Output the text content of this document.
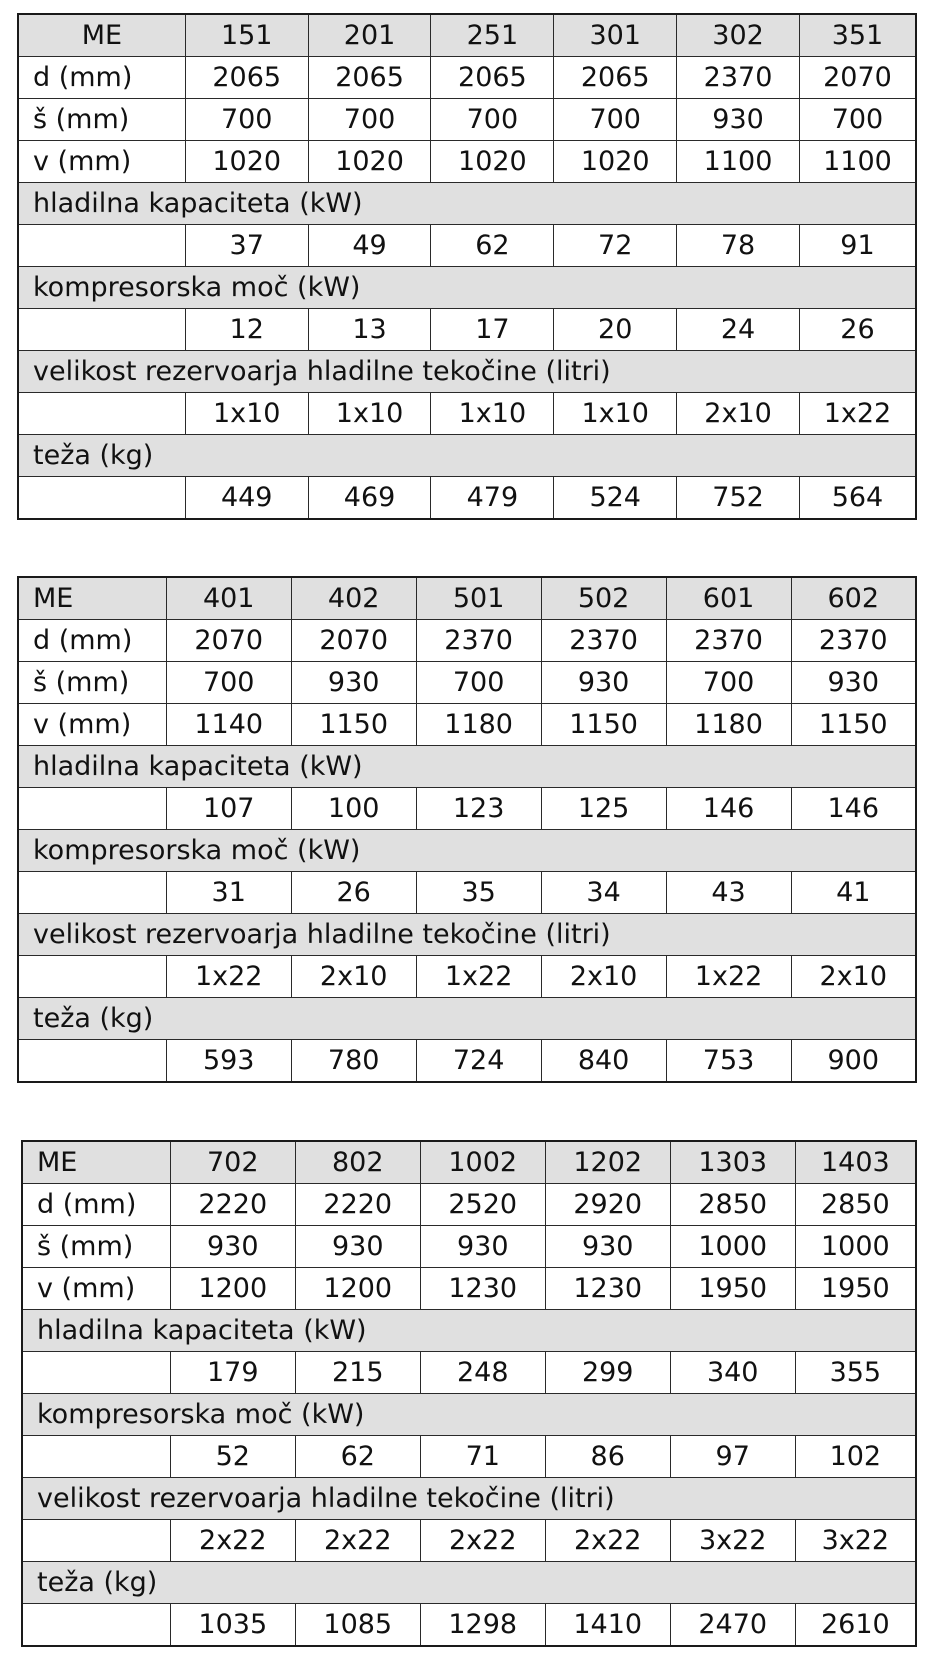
ME	151	201	251	301	302	351
d (mm)	2065	2065	2065	2065	2370	2070
š (mm)	700	700	700	700	930	700
v (mm)	1020	1020	1020	1020	1100	1100
hladilna kapaciteta (kW)						
	37	49	62	72	78	91
kompresorska moč (kW)						
	12	13	17	20	24	26
velikost rezervoarja hladilne tekočine (litri)						
	1x10	1x10	1x10	1x10	2x10	1x22
teža (kg)						
	449	469	479	524	752	564
ME	401	402	501	502	601	602
d (mm)	2070	2070	2370	2370	2370	2370
š (mm)	700	930	700	930	700	930
v (mm)	1140	1150	1180	1150	1180	1150
hladilna kapaciteta (kW)						
	107	100	123	125	146	146
kompresorska moč (kW)						
	31	26	35	34	43	41
velikost rezervoarja hladilne tekočine (litri)						
	1x22	2x10	1x22	2x10	1x22	2x10
teža (kg)						
	593	780	724	840	753	900
ME	702	802	1002	1202	1303	1403
d (mm)	2220	2220	2520	2920	2850	2850
š (mm)	930	930	930	930	1000	1000
v (mm)	1200	1200	1230	1230	1950	1950
hladilna kapaciteta (kW)						
	179	215	248	299	340	355
kompresorska moč (kW)						
	52	62	71	86	97	102
velikost rezervoarja hladilne tekočine (litri)						
	2x22	2x22	2x22	2x22	3x22	3x22
teža (kg)						
	1035	1085	1298	1410	2470	2610
